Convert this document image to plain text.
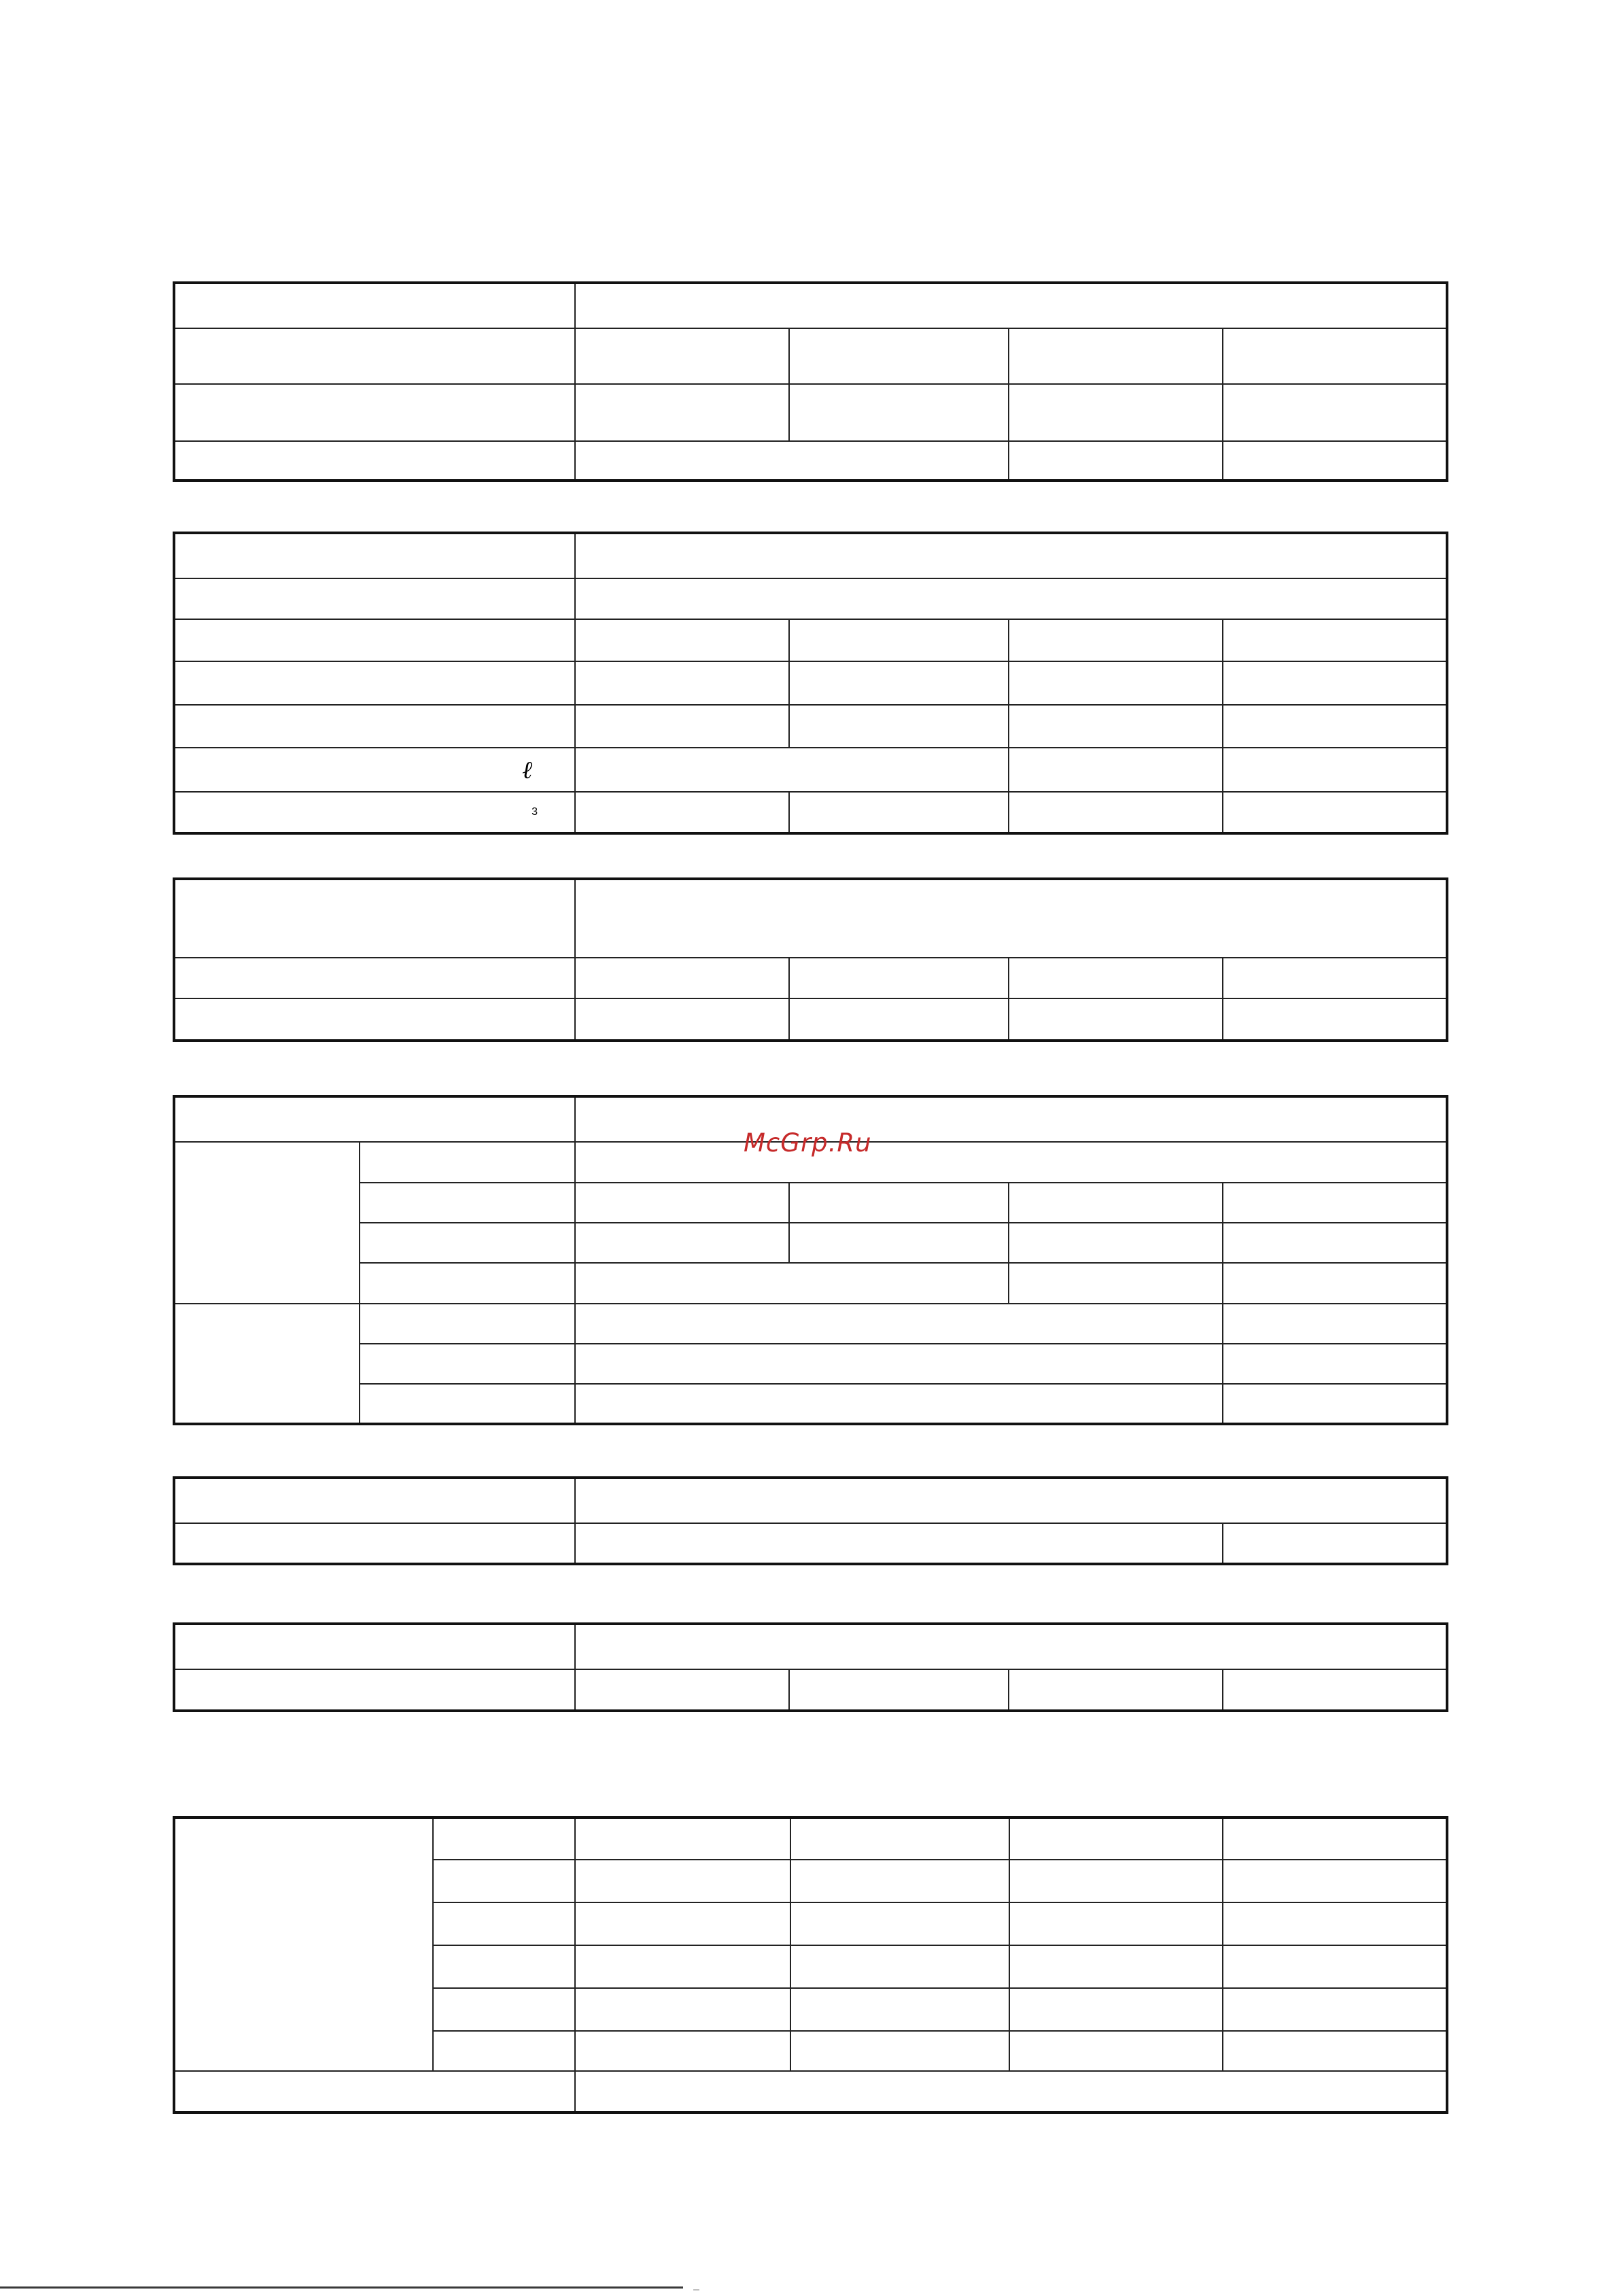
ℓ				

3				

McGrp.Ru
–
